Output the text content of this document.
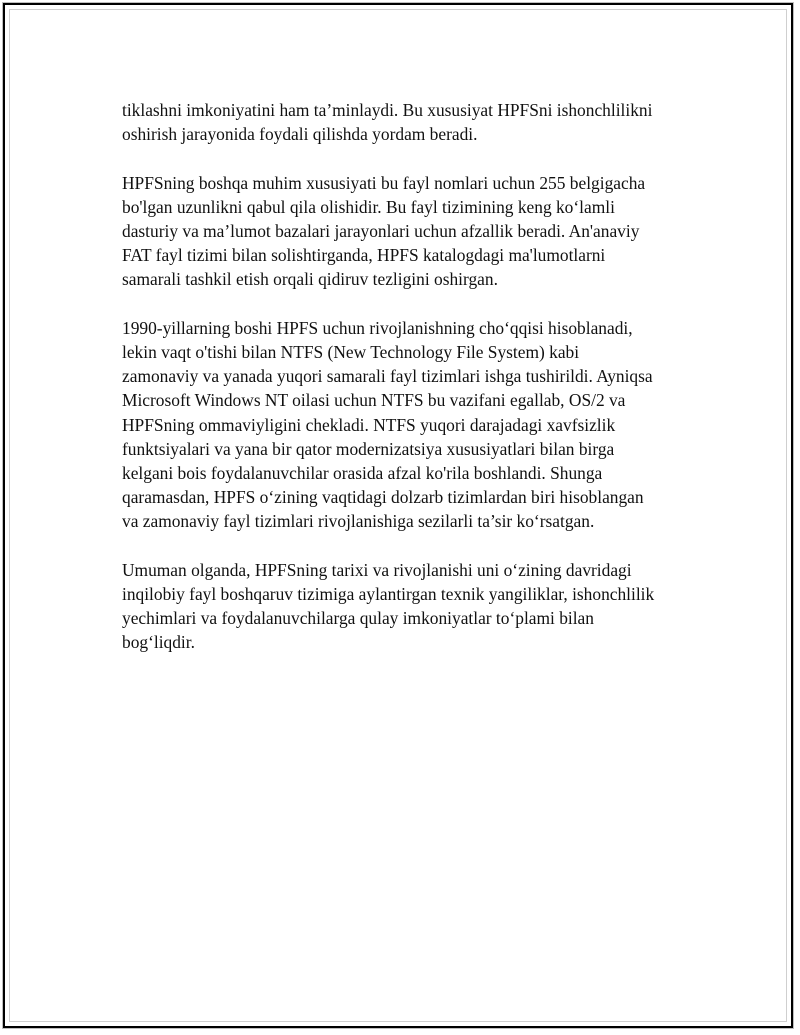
tiklashni imkoniyatini ham ta’minlaydi. Bu xususiyat HPFSni ishonchlilikni
oshirish jarayonida foydali qilishda yordam beradi.

HPFSning boshqa muhim xususiyati bu fayl nomlari uchun 255 belgigacha
bo'lgan uzunlikni qabul qila olishidir. Bu fayl tizimining keng ko‘lamli
dasturiy va ma’lumot bazalari jarayonlari uchun afzallik beradi. An'anaviy
FAT fayl tizimi bilan solishtirganda, HPFS katalogdagi ma'lumotlarni
samarali tashkil etish orqali qidiruv tezligini oshirgan.

1990-yillarning boshi HPFS uchun rivojlanishning cho‘qqisi hisoblanadi,
lekin vaqt o'tishi bilan NTFS (New Technology File System) kabi
zamonaviy va yanada yuqori samarali fayl tizimlari ishga tushirildi. Ayniqsa
Microsoft Windows NT oilasi uchun NTFS bu vazifani egallab, OS/2 va
HPFSning ommaviyligini chekladi. NTFS yuqori darajadagi xavfsizlik
funktsiyalari va yana bir qator modernizatsiya xususiyatlari bilan birga
kelgani bois foydalanuvchilar orasida afzal ko'rila boshlandi. Shunga
qaramasdan, HPFS o‘zining vaqtidagi dolzarb tizimlardan biri hisoblangan
va zamonaviy fayl tizimlari rivojlanishiga sezilarli ta’sir ko‘rsatgan.

Umuman olganda, HPFSning tarixi va rivojlanishi uni o‘zining davridagi
inqilobiy fayl boshqaruv tizimiga aylantirgan texnik yangiliklar, ishonchlilik
yechimlari va foydalanuvchilarga qulay imkoniyatlar to‘plami bilan
bog‘liqdir.
